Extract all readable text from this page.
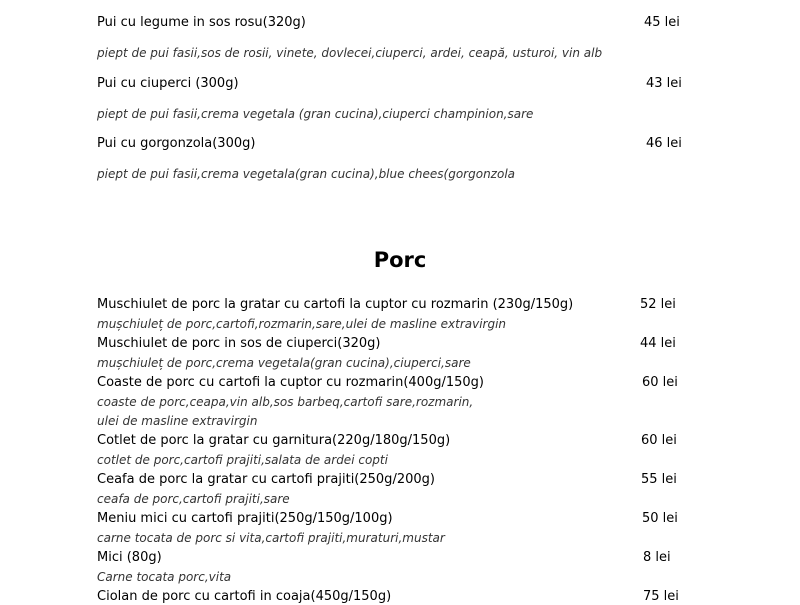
Pui cu legume in sos rosu(320g)	45 lei
piept de pui fasii,sos de rosii, vinete, dovlecei,ciuperci, ardei, ceapă, usturoi, vin alb
Pui cu ciuperci (300g)	43 lei
piept de pui fasii,crema vegetala (gran cucina),ciuperci champinion,sare
Pui cu gorgonzola(300g)	46 lei
piept de pui fasii,crema vegetala(gran cucina),blue chees(gorgonzola
Porc
Muschiulet de porc la gratar cu cartofi la cuptor cu rozmarin (230g/150g)	52 lei
mușchiuleț de porc,cartofi,rozmarin,sare,ulei de masline extravirgin
Muschiulet de porc in sos de ciuperci(320g)	44 lei
mușchiuleț de porc,crema vegetala(gran cucina),ciuperci,sare
Coaste de porc cu cartofi la cuptor cu rozmarin(400g/150g)	60 lei
coaste de porc,ceapa,vin alb,sos barbeq,cartofi sare,rozmarin,
ulei de masline extravirgin
Cotlet de porc la gratar cu garnitura(220g/180g/150g)	60 lei
cotlet de porc,cartofi prajiti,salata de ardei copti
Ceafa de porc la gratar cu cartofi prajiti(250g/200g)	55 lei
ceafa de porc,cartofi prajiti,sare
Meniu mici cu cartofi prajiti(250g/150g/100g)	50 lei
carne tocata de porc si vita,cartofi prajiti,muraturi,mustar
Mici (80g)	8 lei
Carne tocata porc,vita
Ciolan de porc cu cartofi in coaja(450g/150g)	75 lei
